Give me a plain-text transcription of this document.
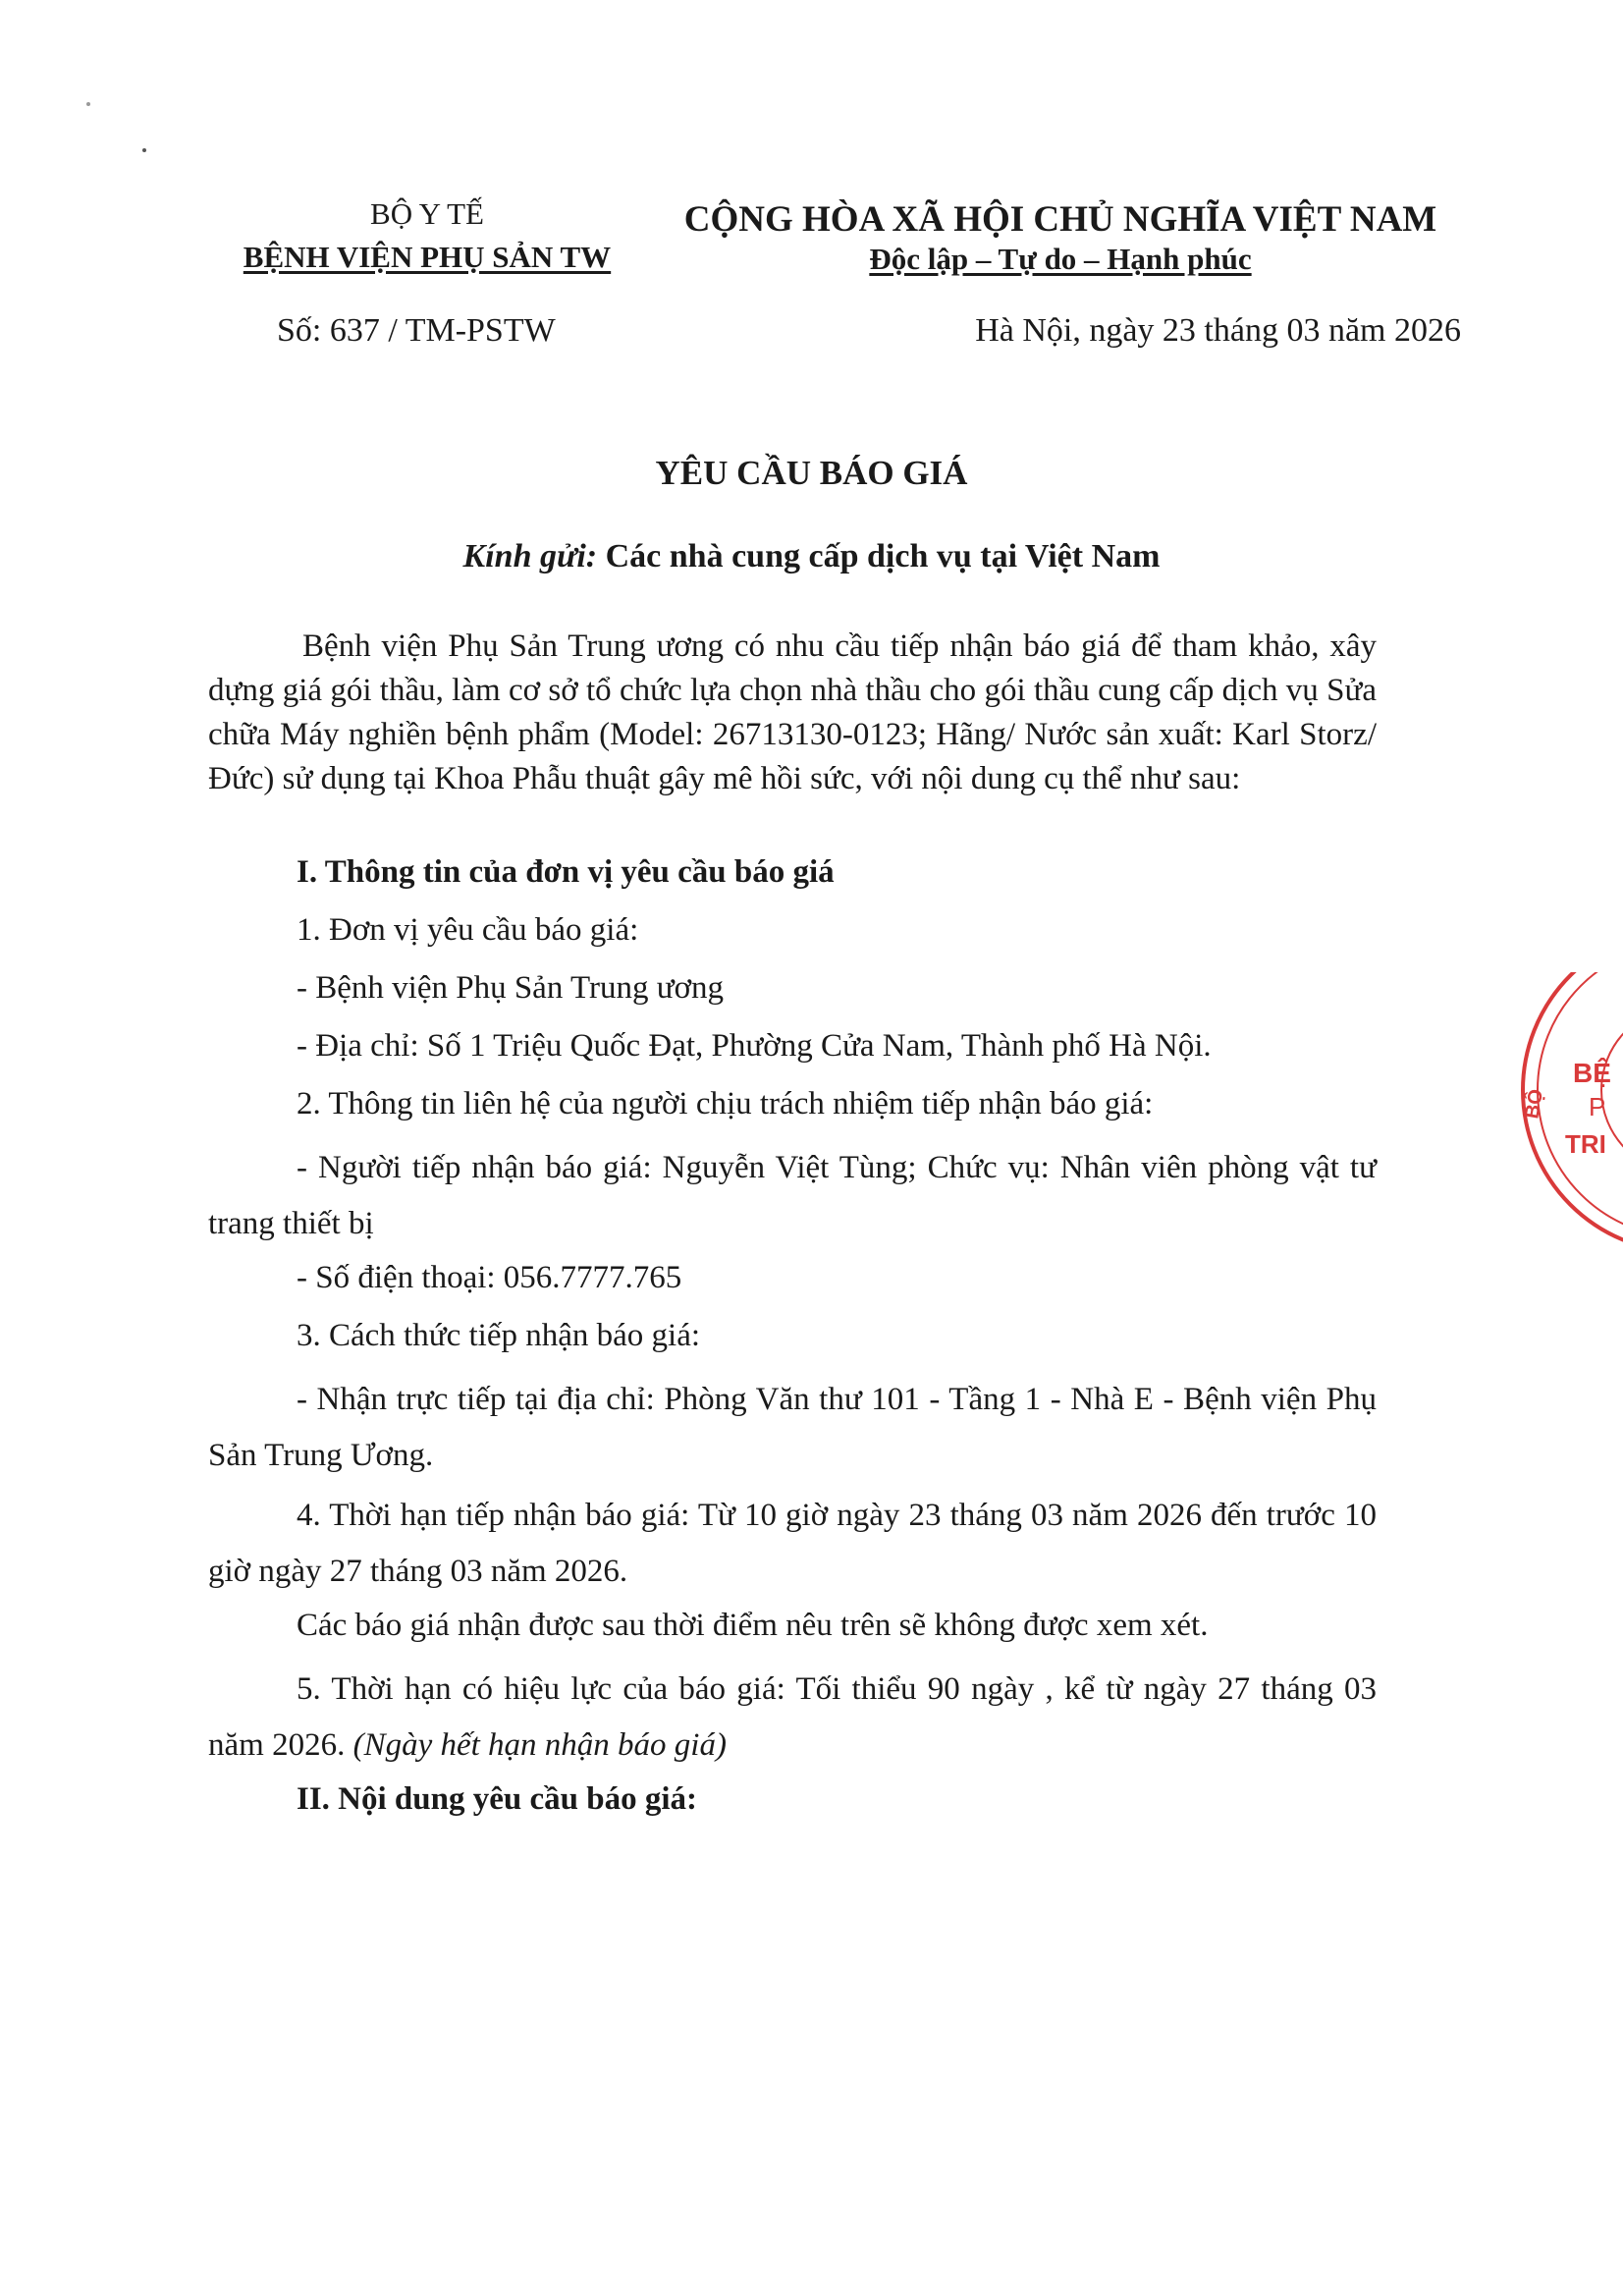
BỘ Y TẾ
BỆNH VIỆN PHỤ SẢN TW
CỘNG HÒA XÃ HỘI CHỦ NGHĨA VIỆT NAM
Độc lập – Tự do – Hạnh phúc
Số: 637 / TM-PSTW	Hà Nội, ngày 23 tháng 03 năm 2026
YÊU CẦU BÁO GIÁ
Kính gửi: Các nhà cung cấp dịch vụ tại Việt Nam
Bệnh viện Phụ Sản Trung ương có nhu cầu tiếp nhận báo giá để tham khảo, xây dựng giá gói thầu, làm cơ sở tổ chức lựa chọn nhà thầu cho gói thầu cung cấp dịch vụ Sửa chữa Máy nghiền bệnh phẩm (Model: 26713130-0123; Hãng/ Nước sản xuất: Karl Storz/ Đức) sử dụng tại Khoa Phẫu thuật gây mê hồi sức, với nội dung cụ thể như sau:
I. Thông tin của đơn vị yêu cầu báo giá
1. Đơn vị yêu cầu báo giá:
- Bệnh viện Phụ Sản Trung ương
- Địa chỉ: Số 1 Triệu Quốc Đạt, Phường Cửa Nam, Thành phố Hà Nội.
2. Thông tin liên hệ của người chịu trách nhiệm tiếp nhận báo giá:
- Người tiếp nhận báo giá: Nguyễn Việt Tùng; Chức vụ: Nhân viên phòng vật tư trang thiết bị
- Số điện thoại: 056.7777.765
3. Cách thức tiếp nhận báo giá:
- Nhận trực tiếp tại địa chỉ: Phòng Văn thư 101 - Tầng 1 - Nhà E - Bệnh viện Phụ Sản Trung Ương.
4. Thời hạn tiếp nhận báo giá: Từ 10 giờ ngày 23 tháng 03 năm 2026 đến trước 10 giờ ngày 27 tháng 03 năm 2026.
Các báo giá nhận được sau thời điểm nêu trên sẽ không được xem xét.
5. Thời hạn có hiệu lực của báo giá: Tối thiểu 90 ngày , kể từ ngày 27 tháng 03 năm 2026. (Ngày hết hạn nhận báo giá)
II. Nội dung yêu cầu báo giá:
BỆ
P
TRI
BỘ
